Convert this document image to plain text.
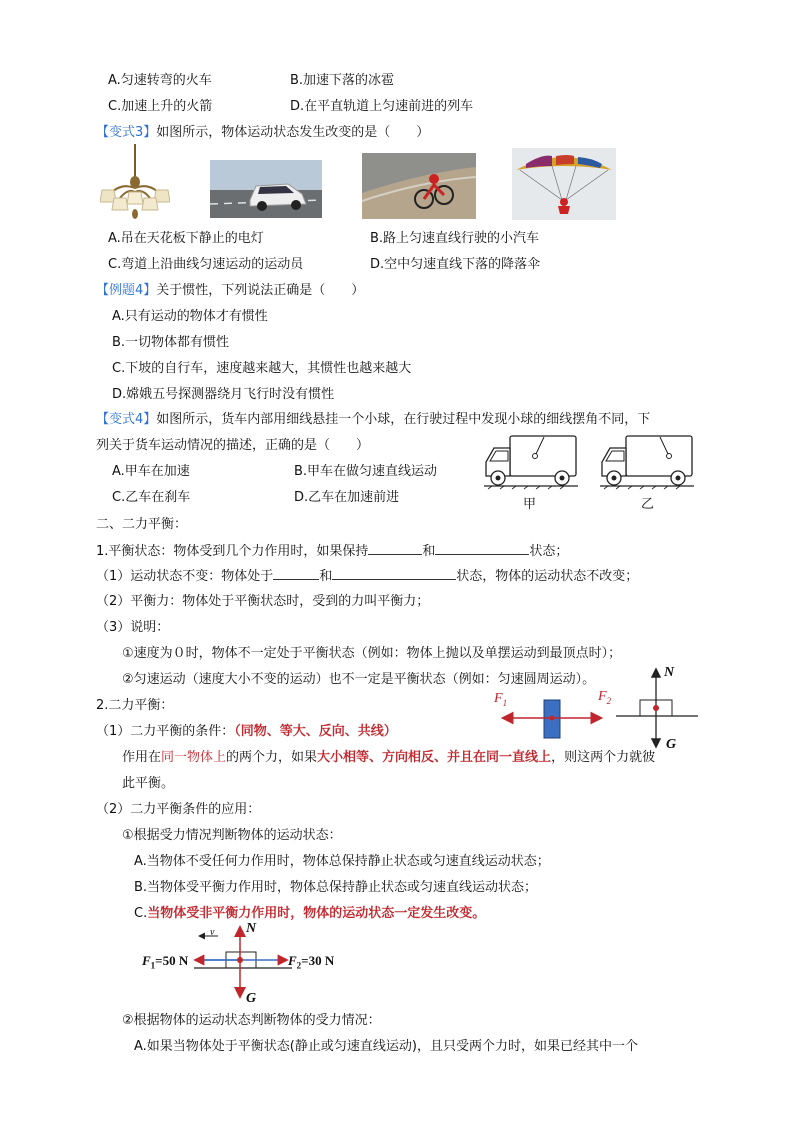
A.匀速转弯的火车	B.加速下落的冰雹
C.加速上升的火箭	D.在平直轨道上匀速前进的列车
【变式3】如图所示，物体运动状态发生改变的是（　　）
A.吊在天花板下静止的电灯	B.路上匀速直线行驶的小汽车
C.弯道上沿曲线匀速运动的运动员	D.空中匀速直线下落的降落伞
【例题4】关于惯性，下列说法正确是（　　）
A.只有运动的物体才有惯性
B.一切物体都有惯性
C.下坡的自行车，速度越来越大，其惯性也越来越大
D.嫦娥五号探测器绕月飞行时没有惯性
【变式4】如图所示，货车内部用细线悬挂一个小球，在行驶过程中发现小球的细线摆角不同，下
列关于货车运动情况的描述，正确的是（　　）
A.甲车在加速	B.甲车在做匀速直线运动
C.乙车在刹车	D.乙车在加速前进	甲	乙
二、二力平衡：
1.平衡状态：物体受到几个力作用时，如果保持	和	状态；
（1）运动状态不变：物体处于	和	状态，物体的运动状态不改变；
（2）平衡力：物体处于平衡状态时，受到的力叫平衡力；
（3）说明：
①速度为０时，物体不一定处于平衡状态（例如：物体上抛以及单摆运动到最顶点时）；
②匀速运动（速度大小不变的运动）也不一定是平衡状态（例如：匀速圆周运动）。
2.二力平衡：	$F_1$	$F_2$
N
G
（1）二力平衡的条件：（同物、等大、反向、共线）
作用在同一物体上的两个力，如果大小相等、方向相反、并且在同一直线上，则这两个力就彼
此平衡。
（2）二力平衡条件的应用：
①根据受力情况判断物体的运动状态：
A.当物体不受任何力作用时，物体总保持静止状态或匀速直线运动状态；
B.当物体受平衡力作用时，物体总保持静止状态或匀速直线运动状态；
C.当物体受非平衡力作用时，物体的运动状态一定发生改变。
v N
G
$F_1=50$ N	$F_2=30$ N
②根据物体的运动状态判断物体的受力情况：
A.如果当物体处于平衡状态(静止或匀速直线运动)，且只受两个力时，如果已经其中一个
